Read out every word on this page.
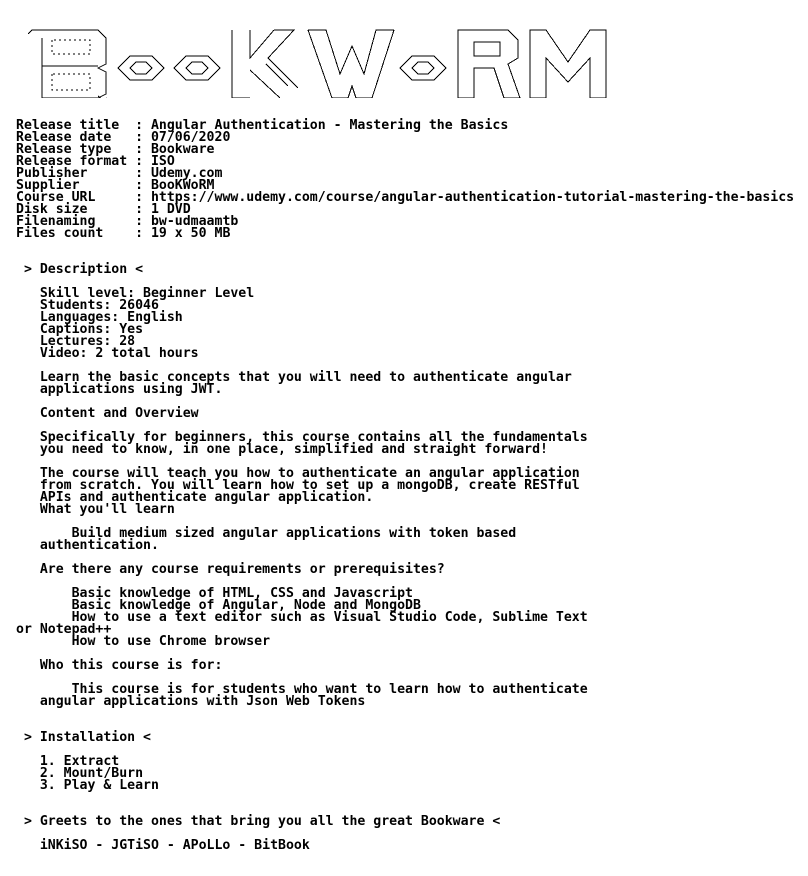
Release title  : Angular Authentication - Mastering the Basics
Release date   : 07/06/2020
Release type   : Bookware
Release format : ISO
Publisher      : Udemy.com
Supplier       : BooKWoRM
Course URL     : https://www.udemy.com/course/angular-authentication-tutorial-mastering-the-basics
Disk size      : 1 DVD
Filenaming     : bw-udmaamtb
Files count    : 19 x 50 MB
> Description <
Skill level: Beginner Level
Students: 26046
Languages: English
Captions: Yes
Lectures: 28
Video: 2 total hours
Learn the basic concepts that you will need to authenticate angular
applications using JWT.
Content and Overview
Specifically for beginners, this course contains all the fundamentals
you need to know, in one place, simplified and straight forward!
The course will teach you how to authenticate an angular application
from scratch. You will learn how to set up a mongoDB, create RESTful
APIs and authenticate angular application.
What you'll learn
Build medium sized angular applications with token based
authentication.
Are there any course requirements or prerequisites?
Basic knowledge of HTML, CSS and Javascript
Basic knowledge of Angular, Node and MongoDB
How to use a text editor such as Visual Studio Code, Sublime Text
or Notepad++
How to use Chrome browser
Who this course is for:
This course is for students who want to learn how to authenticate
angular applications with Json Web Tokens
> Installation <
1. Extract
2. Mount/Burn
3. Play & Learn
> Greets to the ones that bring you all the great Bookware <
iNKiSO - JGTiSO - APoLLo - BitBook
